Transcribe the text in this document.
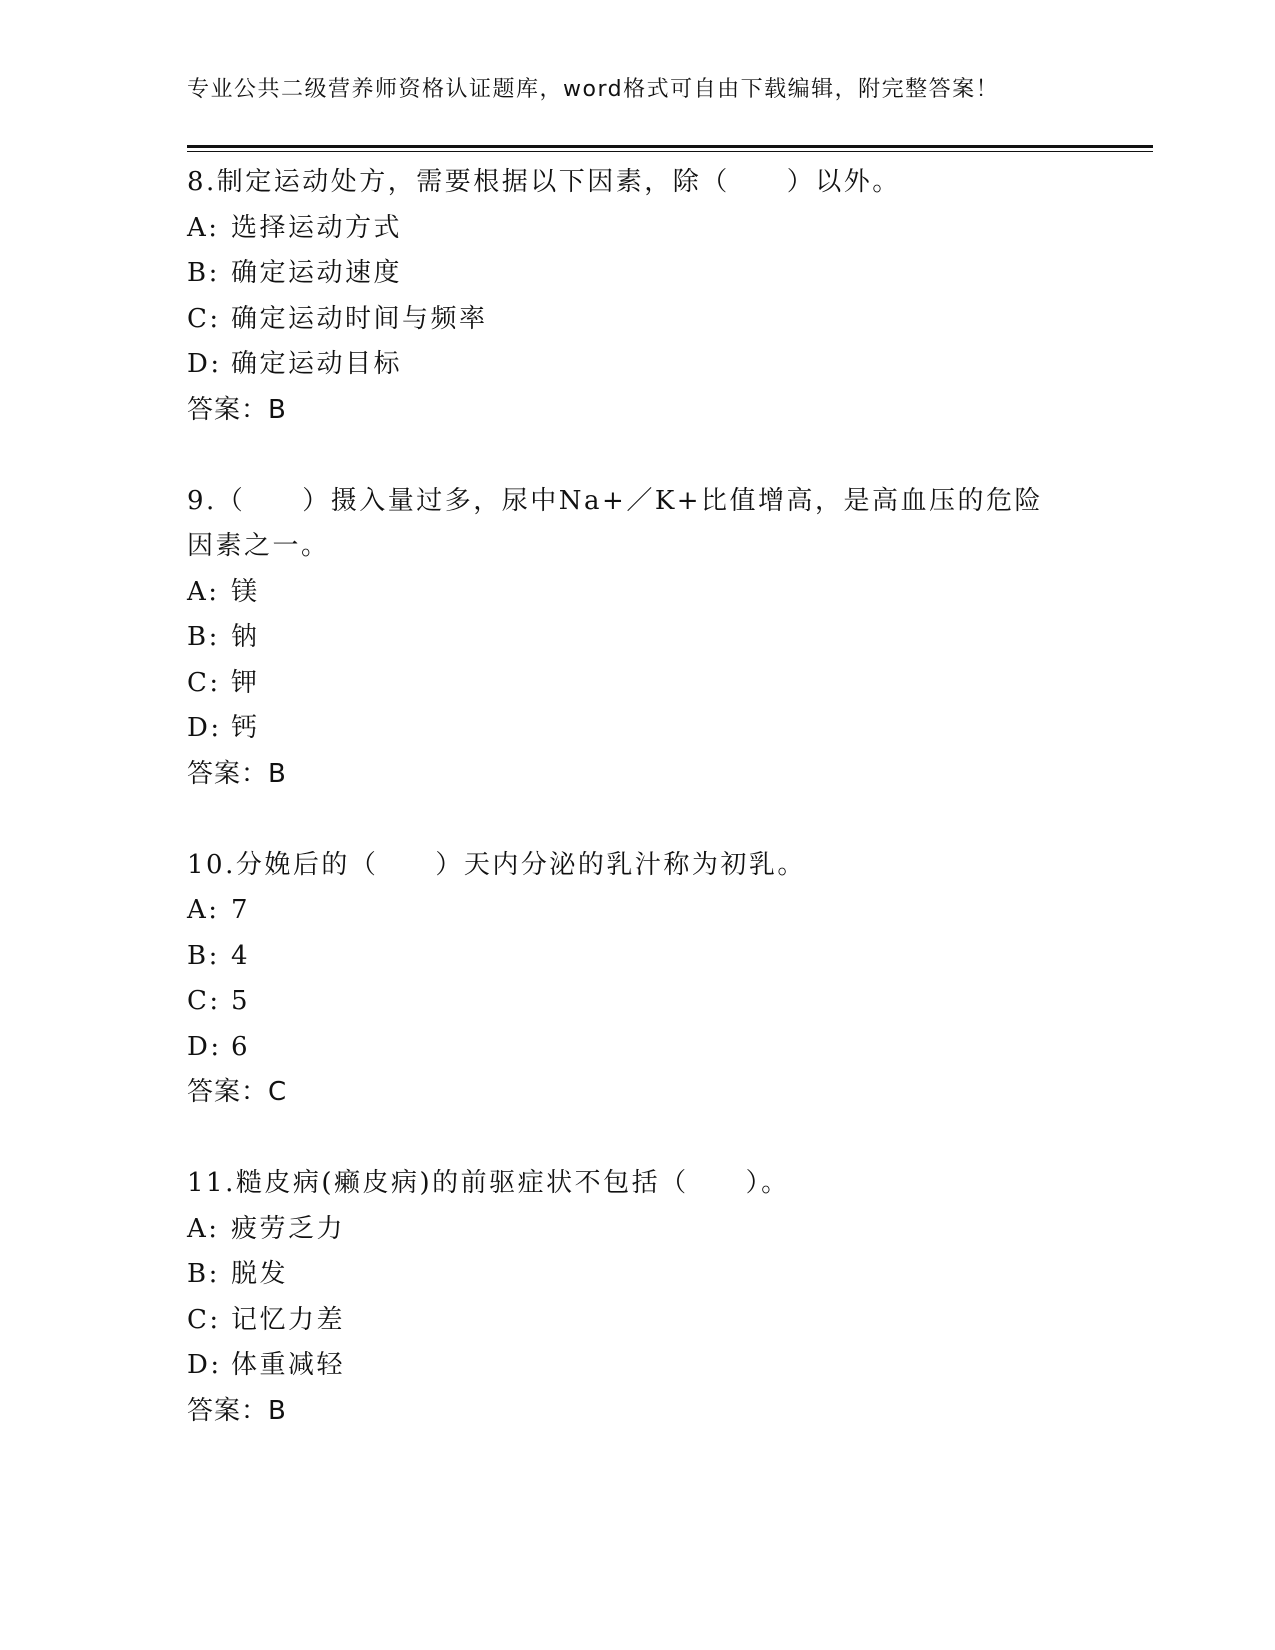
专业公共二级营养师资格认证题库，word格式可自由下载编辑，附完整答案！
8.制定运动处方，需要根据以下因素，除（　　）以外。
A: 选择运动方式
B: 确定运动速度
C: 确定运动时间与频率
D: 确定运动目标
答案：B
9.（　　）摄入量过多，尿中Na+／K+比值增高，是高血压的危险因素之一。
A: 镁
B: 钠
C: 钾
D: 钙
答案：B
10.分娩后的（　　）天内分泌的乳汁称为初乳。
A: 7
B: 4
C: 5
D: 6
答案：C
11.糙皮病(癞皮病)的前驱症状不包括（　　）。
A: 疲劳乏力
B: 脱发
C: 记忆力差
D: 体重减轻
答案：B
